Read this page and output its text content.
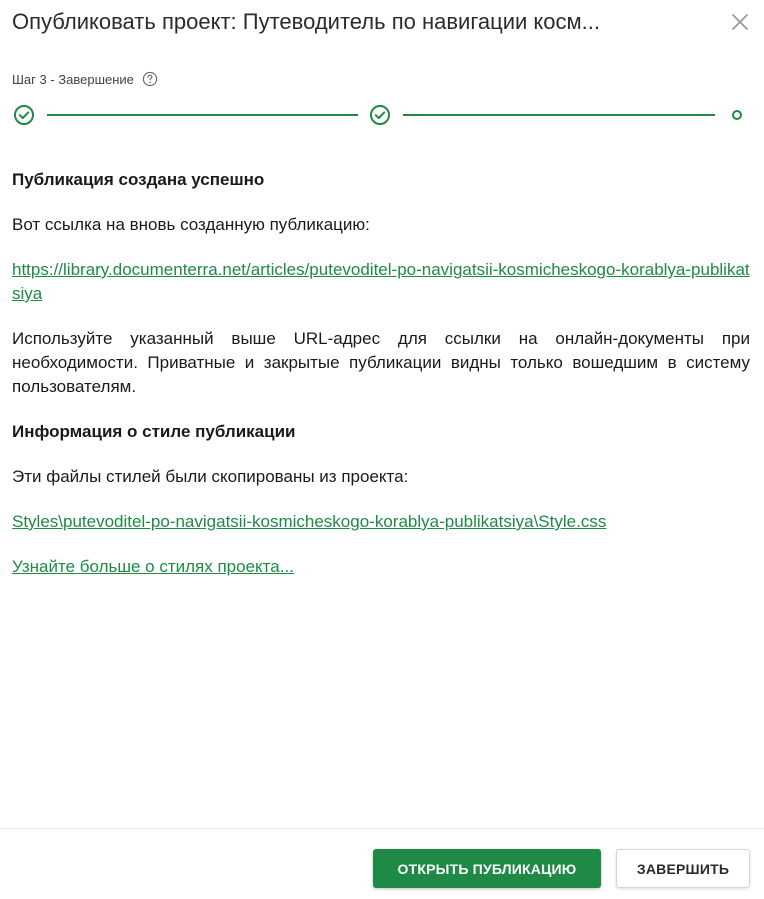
Опубликовать проект: Путеводитель по навигации косм...
Шаг 3 - Завершение

Публикация создана успешно

Вот ссылка на вновь созданную публикацию:

https://library.documenterra.net/articles/putevoditel-po-navigatsii-kosmicheskogo-korablya-publikatsiya

Используйте указанный выше URL-адрес для ссылки на онлайн-документы при необходимости. Приватные и закрытые публикации видны только вошедшим в систему пользователям.

Информация о стиле публикации

Эти файлы стилей были скопированы из проекта:

Styles\putevoditel-po-navigatsii-kosmicheskogo-korablya-publikatsiya\Style.css

Узнайте больше о стилях проекта...

ОТКРЫТЬ ПУБЛИКАЦИЮ	ЗАВЕРШИТЬ
